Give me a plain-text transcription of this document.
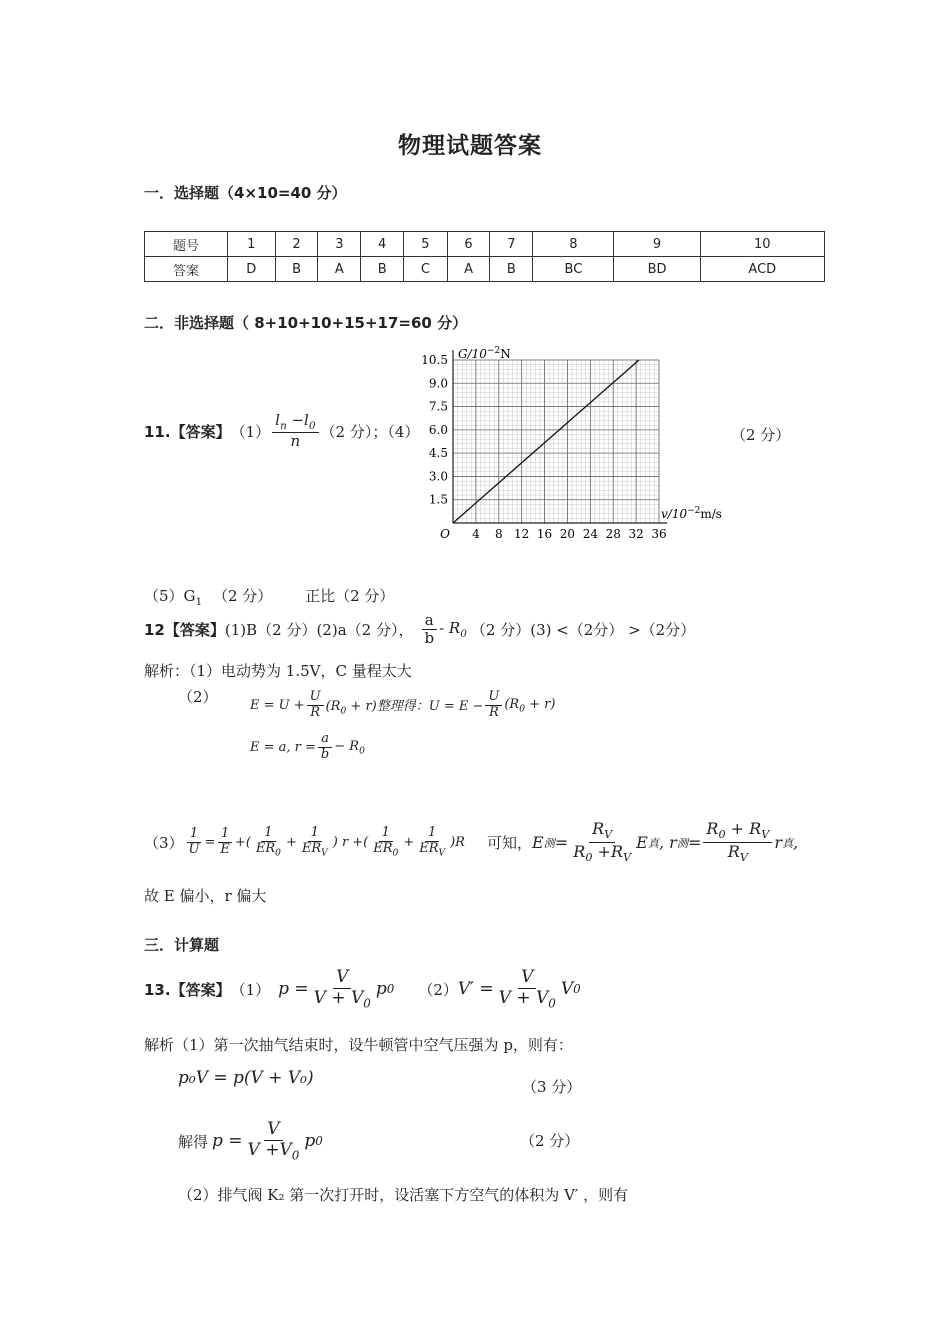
物理试题答案
一．选择题（4×10=40 分）
题号	1	2	3	4	5	6	7	8	9	10
答案	D	B	A	B	C	A	B	BC	BD	ACD
二．非选择题（ 8+10+10+15+17=60 分）
11.【答案】 $(1) \frac{l_n -l_0}{n} (2$ 分）；（4）	（2 分）
10.5
9.0
7.5
6.0
4.5
3.0
1.5
4 8 12 16 20 24 28 32 36
O
$G/10^{-2}N$
$v/10^{-2}m/s$
$(5)G_1$ （2 分） 正比（2 分）
12【答案】 (1)B（2 分）(2)a（2 分）， $\frac{a}{b} - R_0$ （2 分）(3) <（2分） >（2分）
解析：（1）电动势为 1.5V，C 量程太大
（2） $E = U + \frac{U}{R} (R_0 + r)$整理得：$U = E - \frac{U}{R} (R_0 + r)$
E = a, $r = \frac{a}{b} - R_0$
$(3) \frac{1}{U} = \frac{1}{E}$ +( $\frac{1}{ER_0} + \frac{1}{ER_V}$ ) r +( $\frac{1}{ER_0} + \frac{1}{ER_V} )R$ 可知， E 测 = $\frac{R_V}{R_0 +R_V}$ E 真 , r 测 = $\frac{R_0 + R_V}{R_V}$ r 真 ,
故 E 偏小，r 偏大
三．计算题
13.【答案】 （1） $p = \frac{V}{V + V_0}$ p 0 （2） $V' = \frac{V}{V + V_0}$ V 0
解析（1）第一次抽气结束时，设牛顿管中空气压强为 p，则有：
p₀V = p(V + V₀)	（3 分）
解得 $p = \frac{V}{V +V_0}$ p 0	（2 分）
（2）排气阀 K₂ 第一次打开时，设活塞下方空气的体积为 V′ ，则有
